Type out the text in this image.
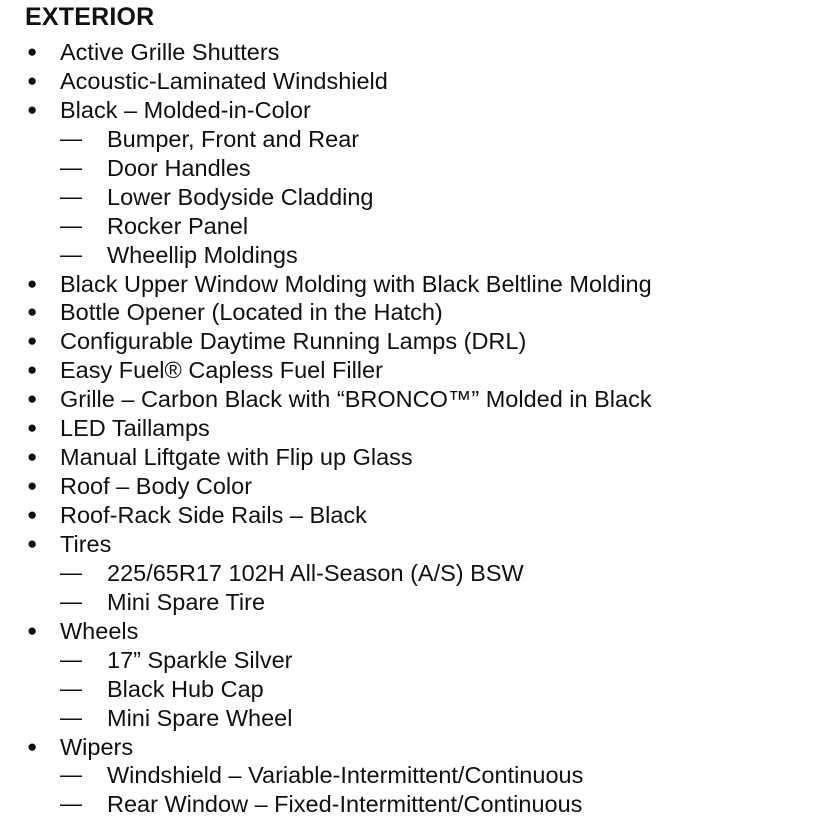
EXTERIOR
● Active Grille Shutters
● Acoustic-Laminated Windshield
● Black – Molded-in-Color
— Bumper, Front and Rear
— Door Handles
— Lower Bodyside Cladding
— Rocker Panel
— Wheellip Moldings
● Black Upper Window Molding with Black Beltline Molding
● Bottle Opener (Located in the Hatch)
● Configurable Daytime Running Lamps (DRL)
● Easy Fuel® Capless Fuel Filler
● Grille – Carbon Black with “BRONCO™” Molded in Black
● LED Taillamps
● Manual Liftgate with Flip up Glass
● Roof – Body Color
● Roof-Rack Side Rails – Black
● Tires
— 225/65R17 102H All-Season (A/S) BSW
— Mini Spare Tire
● Wheels
— 17” Sparkle Silver
— Black Hub Cap
— Mini Spare Wheel
● Wipers
— Windshield – Variable-Intermittent/Continuous
— Rear Window – Fixed-Intermittent/Continuous
